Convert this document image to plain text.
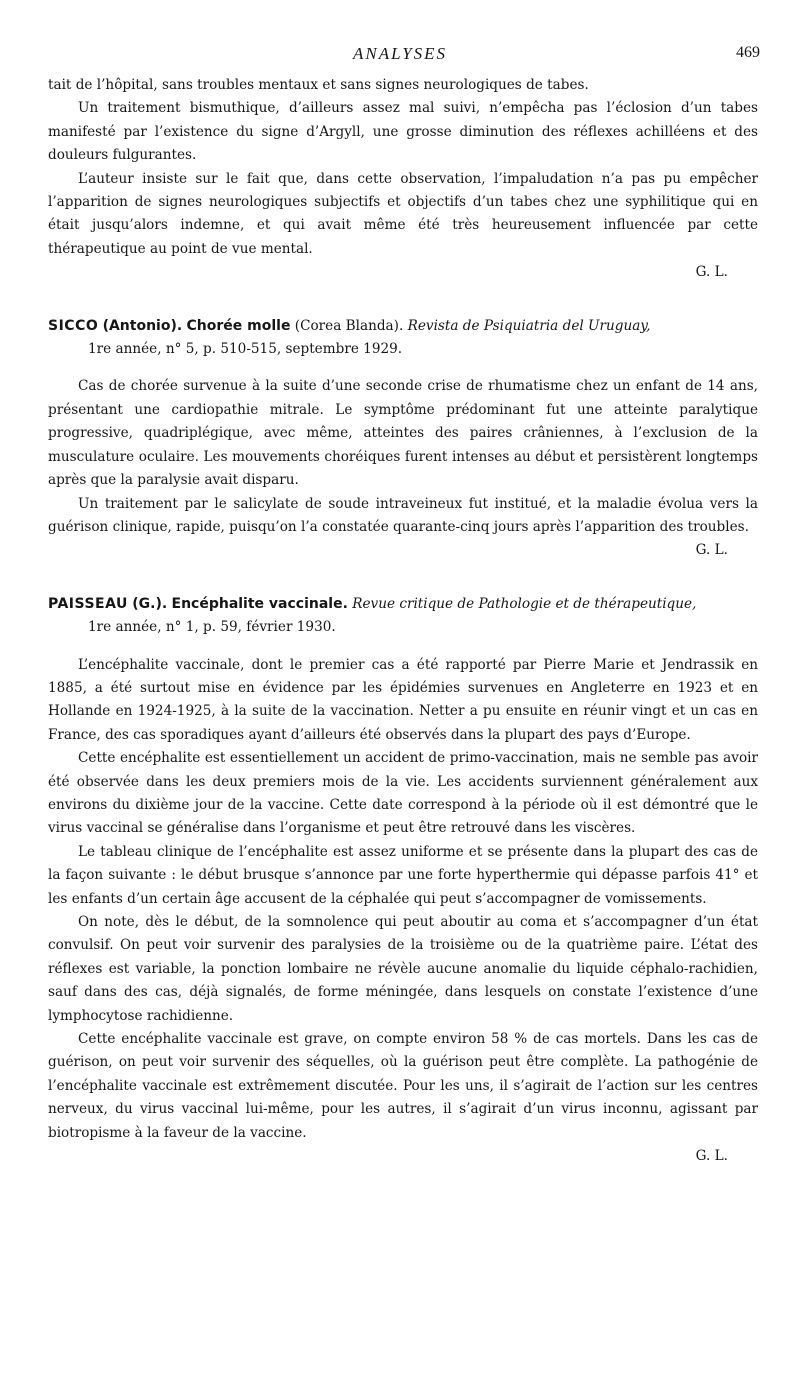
ANALYSES	469

tait de l’hôpital, sans troubles mentaux et sans signes neurologiques de tabes.

Un traitement bismuthique, d’ailleurs assez mal suivi, n’empêcha pas l’éclosion d’un tabes manifesté par l’existence du signe d’Argyll, une grosse diminution des réflexes achilléens et des douleurs fulgurantes.

L’auteur insiste sur le fait que, dans cette observation, l’impaludation n’a pas pu empêcher l’apparition de signes neurologiques subjectifs et objectifs d’un tabes chez une syphilitique qui en était jusqu’alors indemne, et qui avait même été très heureusement influencée par cette thérapeutique au point de vue mental.

G. L.

SICCO (Antonio). Chorée molle (Corea Blanda). Revista de Psiquiatria del Uruguay,
1re année, n° 5, p. 510-515, septembre 1929.

Cas de chorée survenue à la suite d’une seconde crise de rhumatisme chez un enfant de 14 ans, présentant une cardiopathie mitrale. Le symptôme prédominant fut une atteinte paralytique progressive, quadriplégique, avec même, atteintes des paires crâniennes, à l’exclusion de la musculature oculaire. Les mouvements choréiques furent intenses au début et persistèrent longtemps après que la paralysie avait disparu.

Un traitement par le salicylate de soude intraveineux fut institué, et la maladie évolua vers la guérison clinique, rapide, puisqu’on l’a constatée quarante-cinq jours après l’apparition des troubles.

G. L.

PAISSEAU (G.). Encéphalite vaccinale. Revue critique de Pathologie et de thérapeutique,
1re année, n° 1, p. 59, février 1930.

L’encéphalite vaccinale, dont le premier cas a été rapporté par Pierre Marie et Jendrassik en 1885, a été surtout mise en évidence par les épidémies survenues en Angleterre en 1923 et en Hollande en 1924-1925, à la suite de la vaccination. Netter a pu ensuite en réunir vingt et un cas en France, des cas sporadiques ayant d’ailleurs été observés dans la plupart des pays d’Europe.

Cette encéphalite est essentiellement un accident de primo-vaccination, mais ne semble pas avoir été observée dans les deux premiers mois de la vie. Les accidents surviennent généralement aux environs du dixième jour de la vaccine. Cette date correspond à la période où il est démontré que le virus vaccinal se généralise dans l’organisme et peut être retrouvé dans les viscères.

Le tableau clinique de l’encéphalite est assez uniforme et se présente dans la plupart des cas de la façon suivante : le début brusque s’annonce par une forte hyperthermie qui dépasse parfois 41° et les enfants d’un certain âge accusent de la céphalée qui peut s’accompagner de vomissements.

On note, dès le début, de la somnolence qui peut aboutir au coma et s’accompagner d’un état convulsif. On peut voir survenir des paralysies de la troisième ou de la quatrième paire. L’état des réflexes est variable, la ponction lombaire ne révèle aucune anomalie du liquide céphalo-rachidien, sauf dans des cas, déjà signalés, de forme méningée, dans lesquels on constate l’existence d’une lymphocytose rachidienne.

Cette encéphalite vaccinale est grave, on compte environ 58 % de cas mortels. Dans les cas de guérison, on peut voir survenir des séquelles, où la guérison peut être complète. La pathogénie de l’encéphalite vaccinale est extrêmement discutée. Pour les uns, il s’agirait de l’action sur les centres nerveux, du virus vaccinal lui-même, pour les autres, il s’agirait d’un virus inconnu, agissant par biotropisme à la faveur de la vaccine.

G. L.
